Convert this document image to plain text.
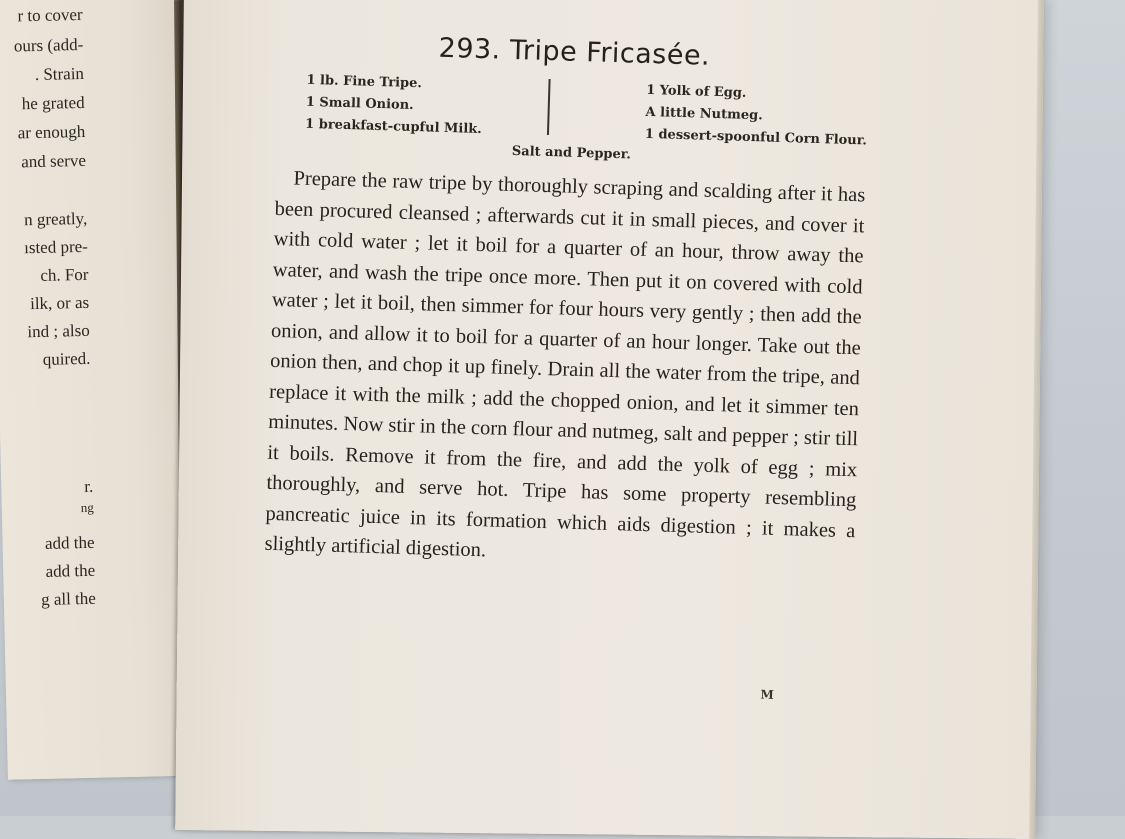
r to cover
ours (add-
. Strain
he grated
ar enough
and serve
n greatly,
ısted pre-
ch. For
ilk, or as
ind ; also
quired.
r.
ng
add the
add the
g all the
293. Tripe Fricasée.
1 lb. Fine Tripe.
1 Small Onion.
1 breakfast-cupful Milk.
1 Yolk of Egg.
A little Nutmeg.
1 dessert-spoonful Corn Flour.
Salt and Pepper.

Prepare the raw tripe by thoroughly scraping and scalding after it has been procured cleansed ; afterwards cut it in small pieces, and cover it with cold water ; let it boil for a quarter of an hour, throw away the water, and wash the tripe once more. Then put it on covered with cold water ; let it boil, then simmer for four hours very gently ; then add the onion, and allow it to boil for a quarter of an hour longer. Take out the onion then, and chop it up finely. Drain all the water from the tripe, and replace it with the milk ; add the chopped onion, and let it simmer ten minutes. Now stir in the corn flour and nutmeg, salt and pepper ; stir till it boils. Remove it from the fire, and add the yolk of egg ; mix thoroughly, and serve hot. Tripe has some property resembling pancreatic juice in its formation which aids digestion ; it makes a slightly artificial digestion.

M
